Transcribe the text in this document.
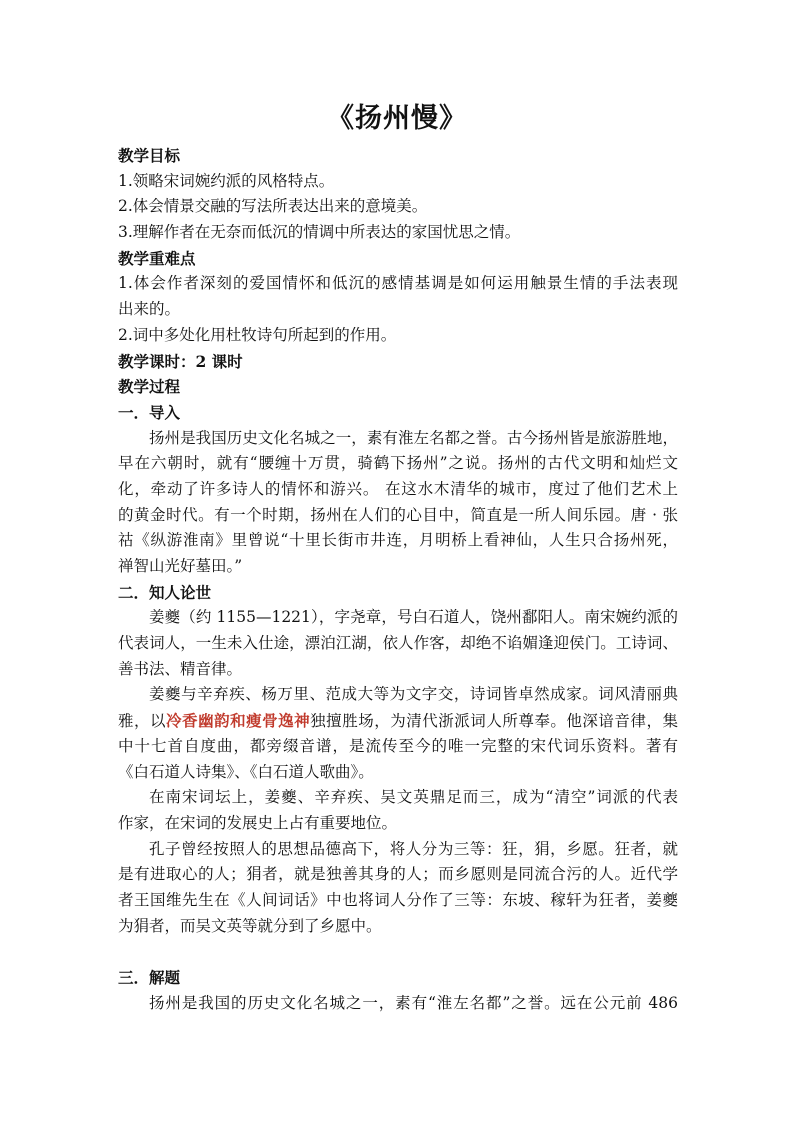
《扬州慢》
教学目标
1.领略宋词婉约派的风格特点。
2.体会情景交融的写法所表达出来的意境美。
3.理解作者在无奈而低沉的情调中所表达的家国忧思之情。
教学重难点
1.体会作者深刻的爱国情怀和低沉的感情基调是如何运用触景生情的手法表现
出来的。
2.词中多处化用杜牧诗句所起到的作用。
教学课时：2 课时
教学过程
一．导入
扬州是我国历史文化名城之一，素有淮左名都之誉。古今扬州皆是旅游胜地，
早在六朝时，就有“腰缠十万贯，骑鹤下扬州”之说。扬州的古代文明和灿烂文
化，牵动了许多诗人的情怀和游兴。 在这水木清华的城市，度过了他们艺术上
的黄金时代。有一个时期，扬州在人们的心目中，简直是一所人间乐园。唐 · 张
祜《纵游淮南》里曾说“十里长街市井连，月明桥上看神仙，人生只合扬州死，
禅智山光好墓田。”
二．知人论世
姜夔（约 1155—1221），字尧章，号白石道人，饶州鄱阳人。南宋婉约派的
代表词人，一生未入仕途，漂泊江湖，依人作客，却绝不谄媚逢迎侯门。工诗词、
善书法、精音律。
姜夔与辛弃疾、杨万里、范成大等为文字交，诗词皆卓然成家。词风清丽典
雅，以冷香幽韵和瘦骨逸神独擅胜场，为清代浙派词人所尊奉。他深谙音律，集
中十七首自度曲，都旁缀音谱，是流传至今的唯一完整的宋代词乐资料。著有
《白石道人诗集》、《白石道人歌曲》。
在南宋词坛上，姜夔、辛弃疾、吴文英鼎足而三，成为“清空”词派的代表
作家，在宋词的发展史上占有重要地位。
孔子曾经按照人的思想品德高下，将人分为三等：狂，狷，乡愿。狂者，就
是有进取心的人；狷者，就是独善其身的人；而乡愿则是同流合污的人。近代学
者王国维先生在《人间词话》中也将词人分作了三等：东坡、稼轩为狂者，姜夔
为狷者，而吴文英等就分到了乡愿中。
三．解题
扬州是我国的历史文化名城之一，素有“淮左名都”之誉。远在公元前 486
